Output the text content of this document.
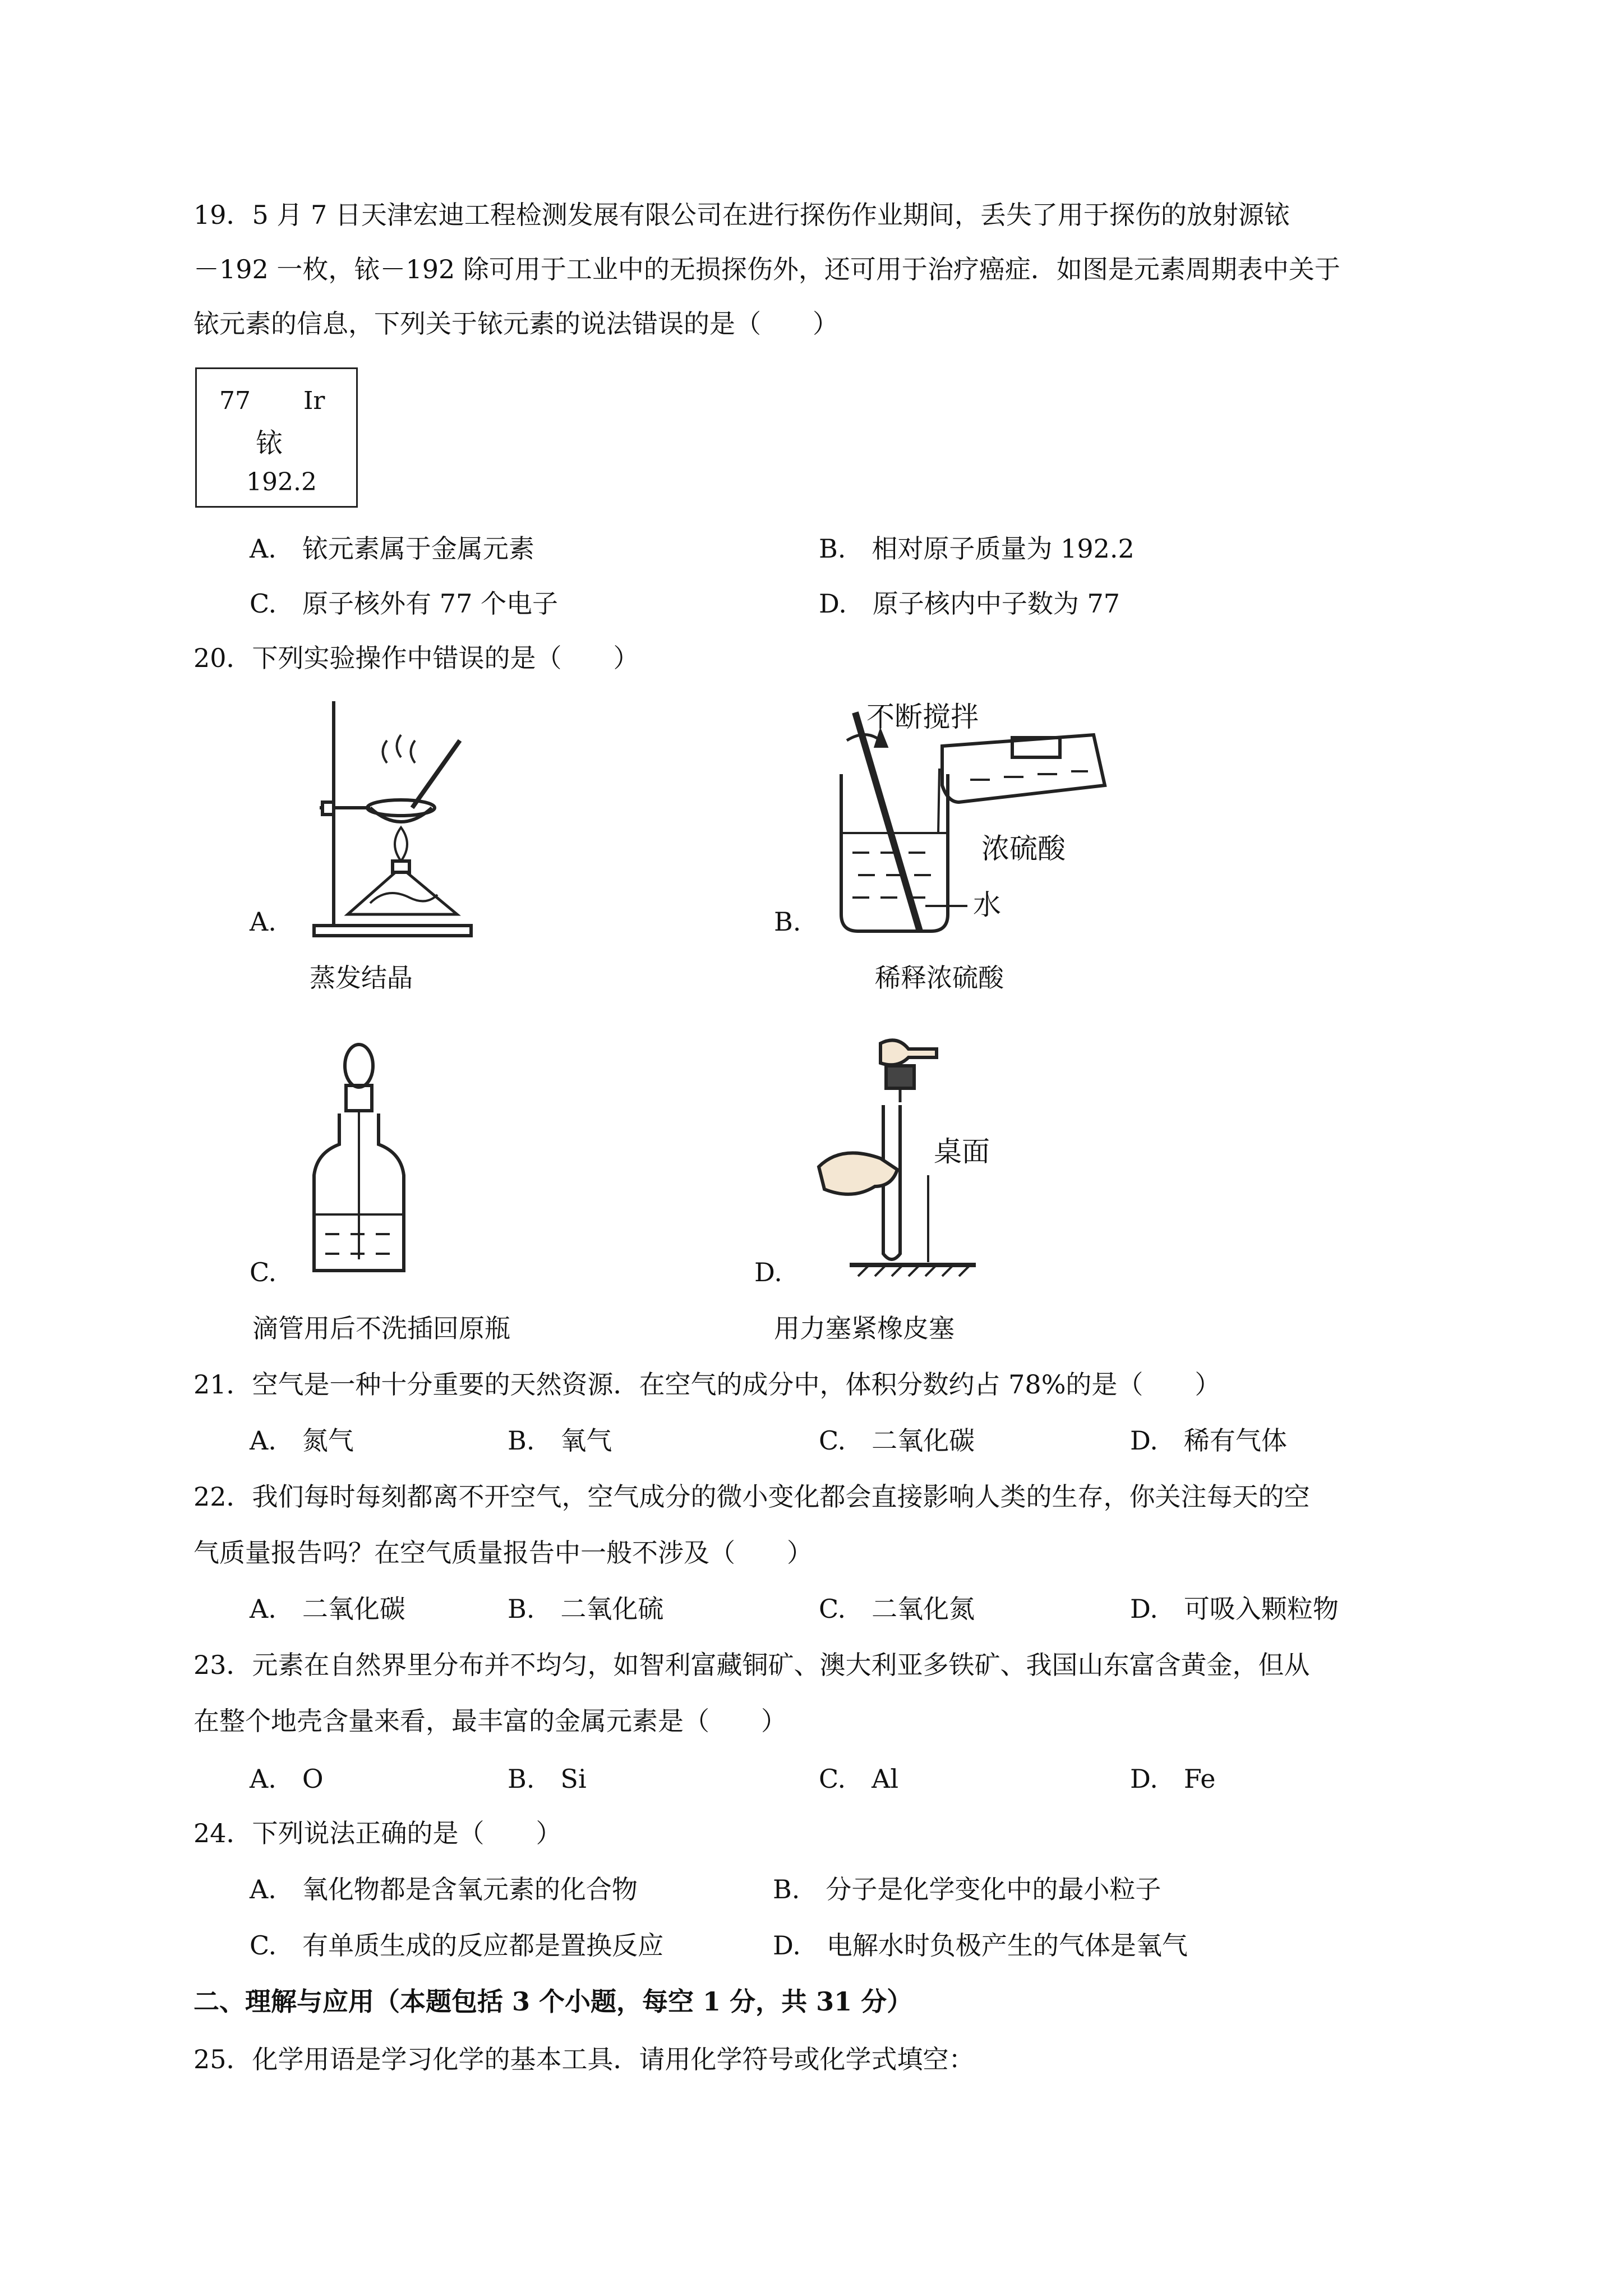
19．5 月 7 日天津宏迪工程检测发展有限公司在进行探伤作业期间，丢失了用于探伤的放射源铱
－192 一枚，铱－192 除可用于工业中的无损探伤外，还可用于治疗癌症．如图是元素周期表中关于
铱元素的信息，下列关于铱元素的说法错误的是（　　）
77 Ir
铱
192.2
A.　铱元素属于金属元素	B.　相对原子质量为 192.2
C.　原子核外有 77 个电子	D.　原子核内中子数为 77
20．下列实验操作中错误的是（　　）
A.
蒸发结晶
不断搅拌
浓硫酸
水
B.
稀释浓硫酸
C.
滴管用后不洗插回原瓶
桌面
D.
用力塞紧橡皮塞
21．空气是一种十分重要的天然资源．在空气的成分中，体积分数约占 78%的是（　　）
A.　氮气	B.　氧气	C.　二氧化碳	D.　稀有气体
22．我们每时每刻都离不开空气，空气成分的微小变化都会直接影响人类的生存，你关注每天的空
气质量报告吗？在空气质量报告中一般不涉及（　　）
A.　二氧化碳	B.　二氧化硫	C.　二氧化氮	D.　可吸入颗粒物
23．元素在自然界里分布并不均匀，如智利富藏铜矿、澳大利亚多铁矿、我国山东富含黄金，但从
在整个地壳含量来看，最丰富的金属元素是（　　）
A.　O	B.　Si	C.　Al	D.　Fe
24．下列说法正确的是（　　）
A.　氧化物都是含氧元素的化合物	B.　分子是化学变化中的最小粒子
C.　有单质生成的反应都是置换反应	D.　电解水时负极产生的气体是氧气
二、理解与应用（本题包括 3 个小题，每空 1 分，共 31 分）
25．化学用语是学习化学的基本工具．请用化学符号或化学式填空：
